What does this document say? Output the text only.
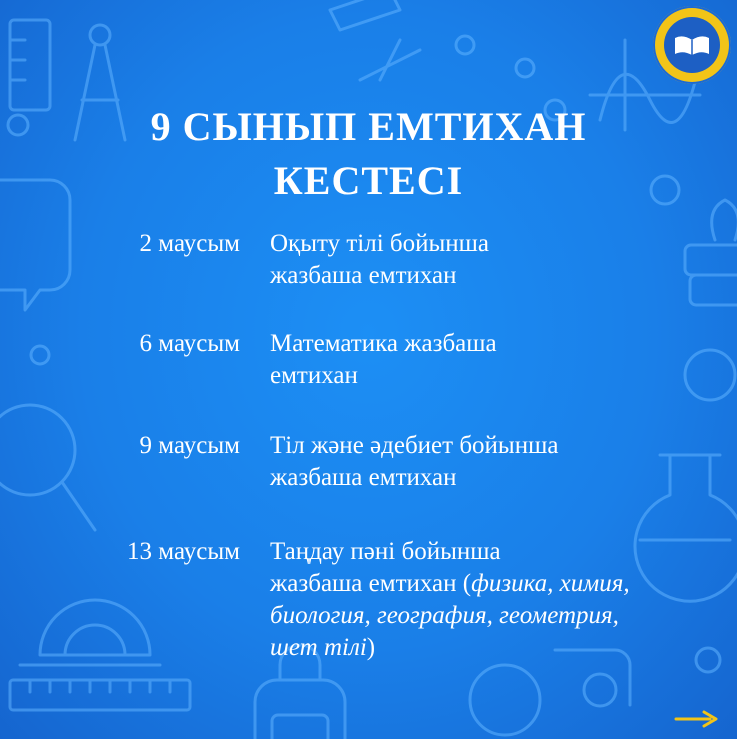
9 СЫНЫП ЕМТИХАН
КЕСТЕСІ
2 маусым Оқыту тілі бойынша
жазбаша емтихан
6 маусым Математика жазбаша
емтихан
9 маусым Тіл және әдебиет бойынша
жазбаша емтихан
13 маусым Таңдау пәні бойынша
жазбаша емтихан (физика, химия,
биология, география, геометрия,
шет тілі)
